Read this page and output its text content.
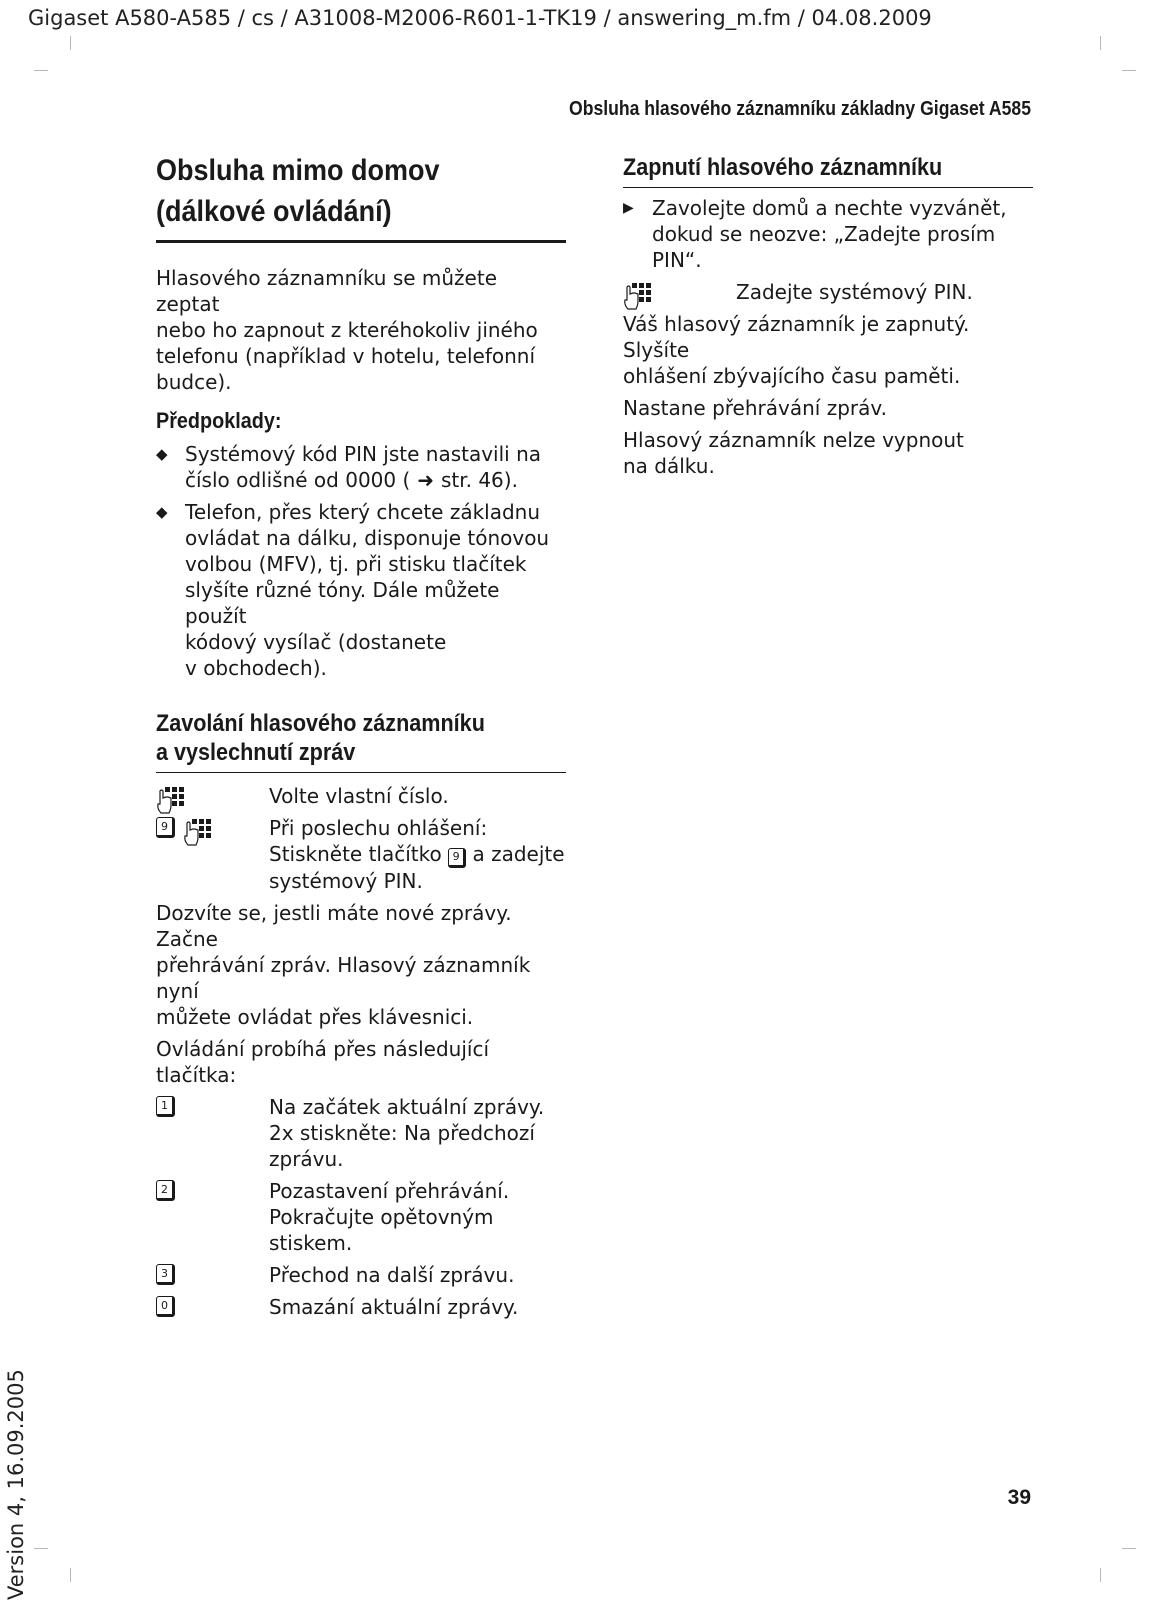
Gigaset A580-A585 / cs / A31008-M2006-R601-1-TK19 / answering_m.fm / 04.08.2009
Version 4, 16.09.2005
Obsluha hlasového záznamníku základny Gigaset A585
39
Obsluha mimo domov
(dálkové ovládání)

Hlasového záznamníku se můžete zeptat
nebo ho zapnout z kteréhokoliv jiného
telefonu (například v hotelu, telefonní
budce).

Předpoklady:
◆ Systémový kód PIN jste nastavili na
číslo odlišné od 0000 ( ➜ str. 46).
◆ Telefon, přes který chcete základnu
ovládat na dálku, disponuje tónovou
volbou (MFV), tj. při stisku tlačítek
slyšíte různé tóny. Dále můžete použít
kódový vysílač (dostanete
v obchodech).
Zavolání hlasového záznamníku
a vyslechnutí zpráv
Volte vlastní číslo.
9	Při poslechu ohlášení:
Stiskněte tlačítko 9 a zadejte
systémový PIN.

Dozvíte se, jestli máte nové zprávy. Začne
přehrávání zpráv. Hlasový záznamník nyní
můžete ovládat přes klávesnici.

Ovládání probíhá přes následující tlačítka:

1	Na začátek aktuální zprávy.
2x stiskněte: Na předchozí
zprávu.
2	Pozastavení přehrávání.
Pokračujte opětovným
stiskem.
3	Přechod na další zprávu.
0	Smazání aktuální zprávy.
Zapnutí hlasového záznamníku
▶ Zavolejte domů a nechte vyzvánět,
dokud se neozve: „Zadejte prosím PIN“.
Zadejte systémový PIN.

Váš hlasový záznamník je zapnutý. Slyšíte
ohlášení zbývajícího času paměti.

Nastane přehrávání zpráv.

Hlasový záznamník nelze vypnout
na dálku.
